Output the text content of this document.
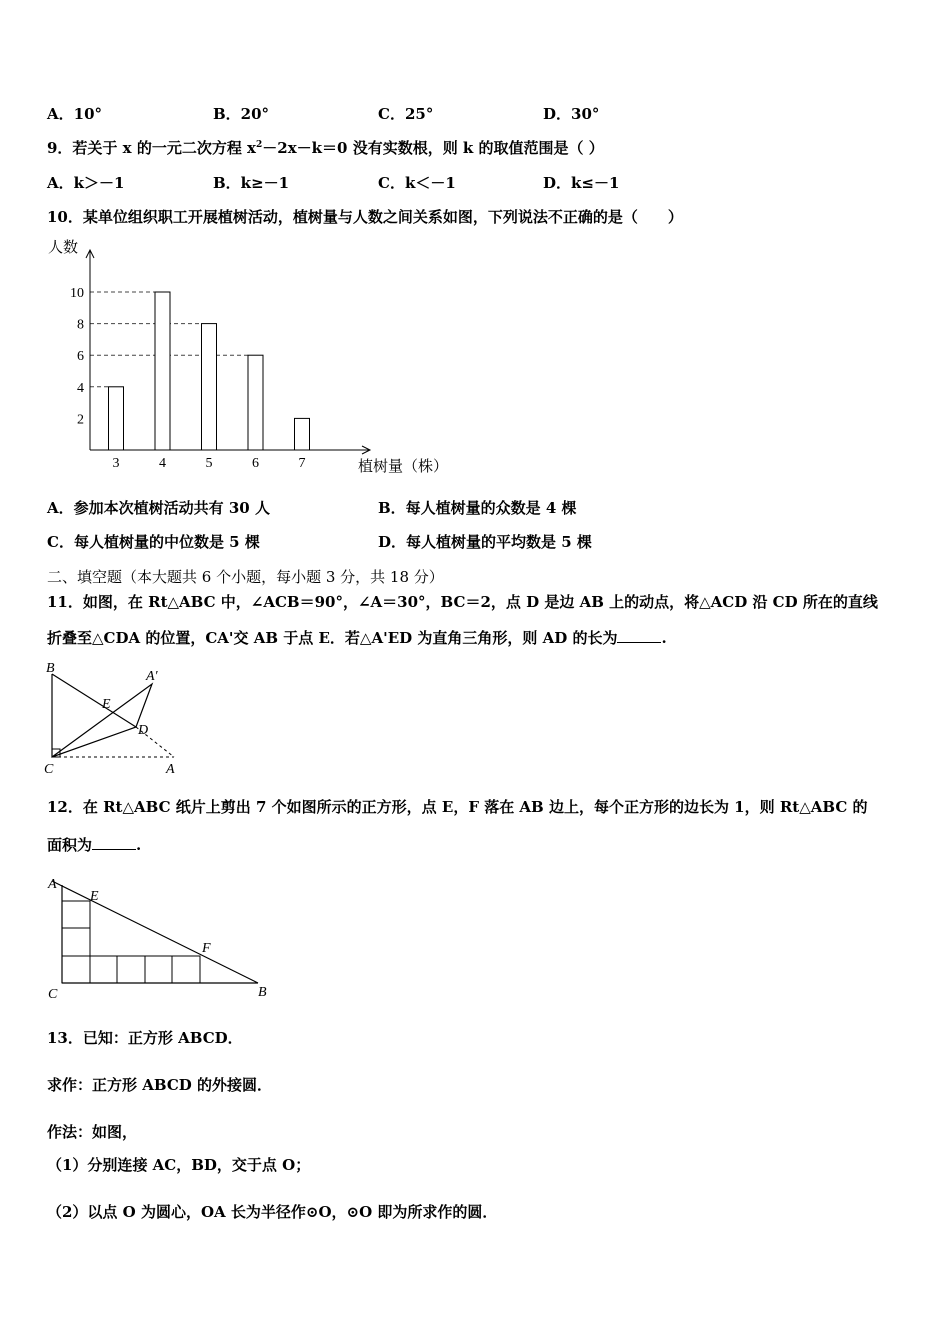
A．10°	B．20°	C．25°	D．30°
9．若关于 x 的一元二次方程 $x^2-2x-k=0$ 没有实数根，则 k 的取值范围是（ ）
A．k＞－1	B．k≥－1	C．k＜－1	D．k≤－1
10．某单位组织职工开展植树活动，植树量与人数之间关系如图，下列说法不正确的是（　　）
3	4	5	6	7
2
4
6
8
10
人数
植树量（株）
A．参加本次植树活动共有 30 人	B．每人植树量的众数是 4 棵
C．每人植树量的中位数是 5 棵	D．每人植树量的平均数是 5 棵
二、填空题（本大题共 6 个小题，每小题 3 分，共 18 分）
11．如图，在 Rt△ABC 中，∠ACB＝90°，∠A＝30°，BC＝2，点 D 是边 AB 上的动点，将△ACD 沿 CD 所在的直线
折叠至△CDA 的位置，CA'交 AB 于点 E．若△A'ED 为直角三角形，则 AD 的长为	.
B
A′
E
D
C	A
12．在 Rt△ABC 纸片上剪出 7 个如图所示的正方形，点 E，F 落在 AB 边上，每个正方形的边长为 1，则 Rt△ABC 的
面积为	.
A
E
F
C	B
13．已知：正方形 ABCD．
求作：正方形 ABCD 的外接圆．
作法：如图，
（1）分别连接 AC，BD，交于点 O；
（2）以点 O 为圆心，OA 长为半径作⊙O，⊙O 即为所求作的圆．
